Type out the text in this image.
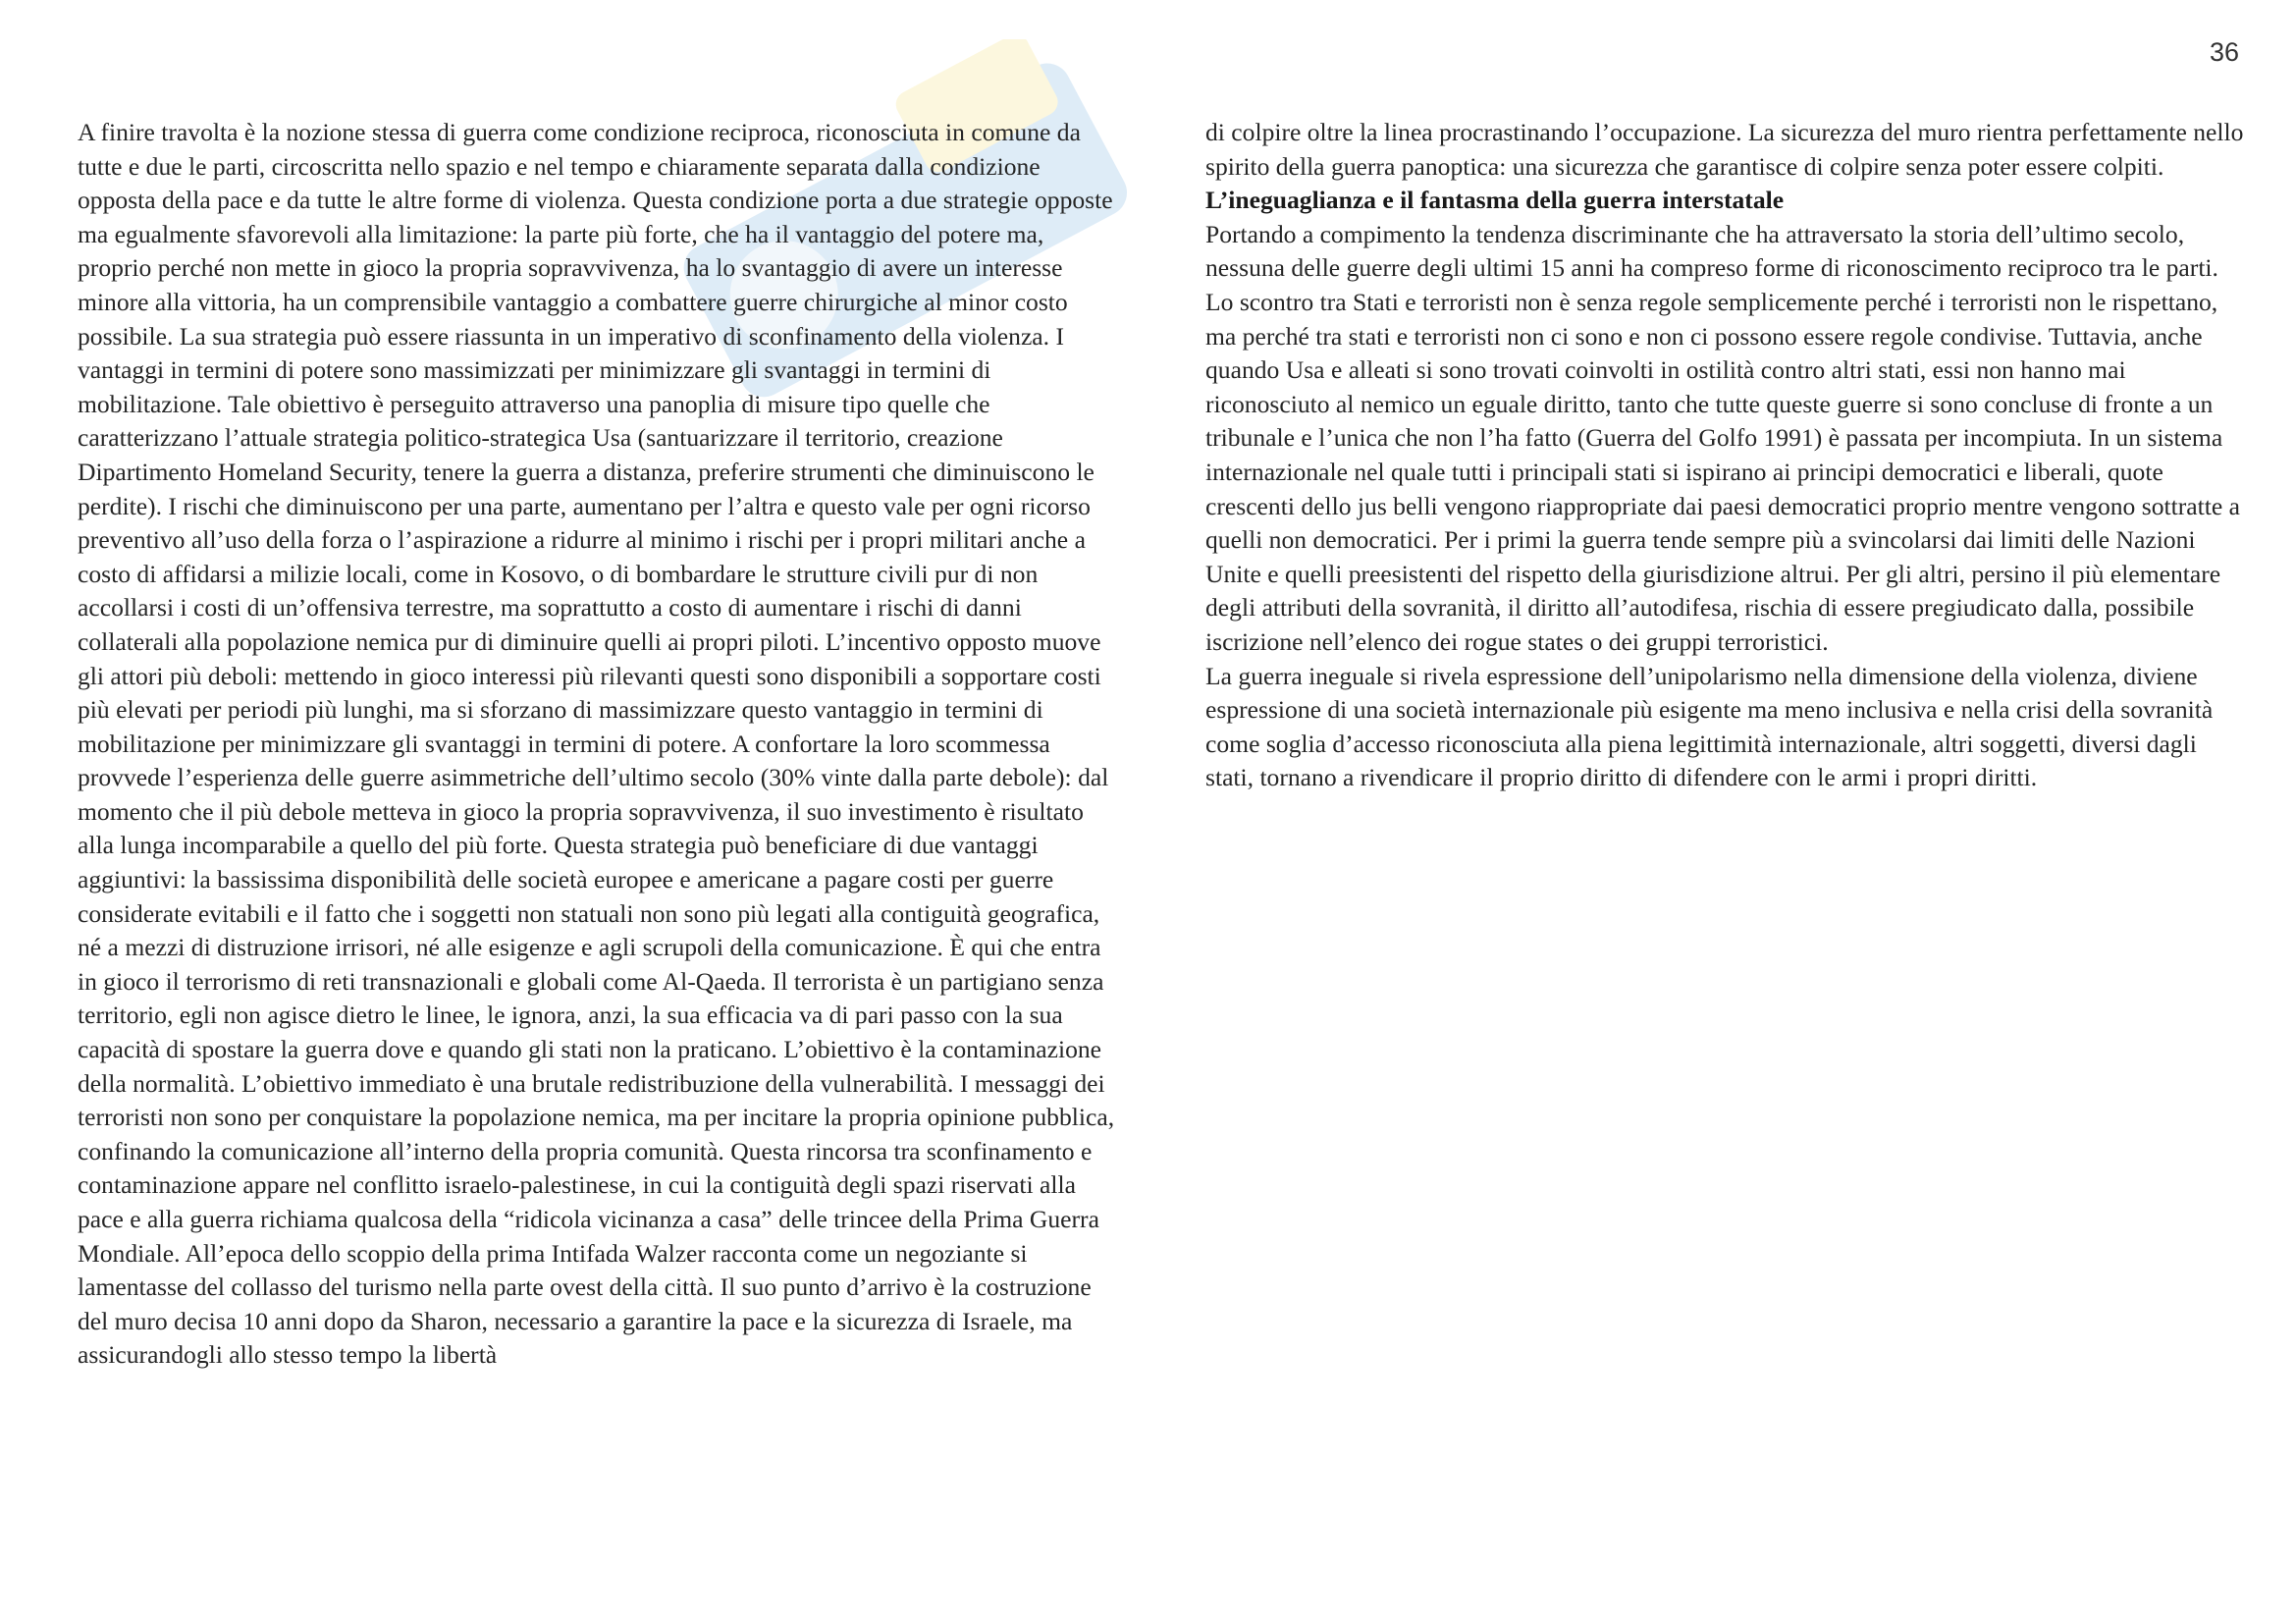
36

A finire travolta è la nozione stessa di guerra come condizione reciproca, riconosciuta in comune da tutte e due le parti, circoscritta nello spazio e nel tempo e chiaramente separata dalla condizione opposta della pace e da tutte le altre forme di violenza. Questa condizione porta a due strategie opposte ma egualmente sfavorevoli alla limitazione: la parte più forte, che ha il vantaggio del potere ma, proprio perché non mette in gioco la propria sopravvivenza, ha lo svantaggio di avere un interesse minore alla vittoria, ha un comprensibile vantaggio a combattere guerre chirurgiche al minor costo possibile. La sua strategia può essere riassunta in un imperativo di sconfinamento della violenza. I vantaggi in termini di potere sono massimizzati per minimizzare gli svantaggi in termini di mobilitazione. Tale obiettivo è perseguito attraverso una panoplia di misure tipo quelle che caratterizzano l’attuale strategia politico-strategica Usa (santuarizzare il territorio, creazione Dipartimento Homeland Security, tenere la guerra a distanza, preferire strumenti che diminuiscono le perdite). I rischi che diminuiscono per una parte, aumentano per l’altra e questo vale per ogni ricorso preventivo all’uso della forza o l’aspirazione a ridurre al minimo i rischi per i propri militari anche a costo di affidarsi a milizie locali, come in Kosovo, o di bombardare le strutture civili pur di non accollarsi i costi di un’offensiva terrestre, ma soprattutto a costo di aumentare i rischi di danni collaterali alla popolazione nemica pur di diminuire quelli ai propri piloti. L’incentivo opposto muove gli attori più deboli: mettendo in gioco interessi più rilevanti questi sono disponibili a sopportare costi più elevati per periodi più lunghi, ma si sforzano di massimizzare questo vantaggio in termini di mobilitazione per minimizzare gli svantaggi in termini di potere. A confortare la loro scommessa provvede l’esperienza delle guerre asimmetriche dell’ultimo secolo (30% vinte dalla parte debole): dal momento che il più debole metteva in gioco la propria sopravvivenza, il suo investimento è risultato alla lunga incomparabile a quello del più forte. Questa strategia può beneficiare di due vantaggi aggiuntivi: la bassissima disponibilità delle società europee e americane a pagare costi per guerre considerate evitabili e il fatto che i soggetti non statuali non sono più legati alla contiguità geografica, né a mezzi di distruzione irrisori, né alle esigenze e agli scrupoli della comunicazione. È qui che entra in gioco il terrorismo di reti transnazionali e globali come Al-Qaeda. Il terrorista è un partigiano senza territorio, egli non agisce dietro le linee, le ignora, anzi, la sua efficacia va di pari passo con la sua capacità di spostare la guerra dove e quando gli stati non la praticano. L’obiettivo è la contaminazione della normalità. L’obiettivo immediato è una brutale redistribuzione della vulnerabilità. I messaggi dei terroristi non sono per conquistare la popolazione nemica, ma per incitare la propria opinione pubblica, confinando la comunicazione all’interno della propria comunità. Questa rincorsa tra sconfinamento e contaminazione appare nel conflitto israelo-palestinese, in cui la contiguità degli spazi riservati alla pace e alla guerra richiama qualcosa della “ridicola vicinanza a casa” delle trincee della Prima Guerra Mondiale. All’epoca dello scoppio della prima Intifada Walzer racconta come un negoziante si lamentasse del collasso del turismo nella parte ovest della città. Il suo punto d’arrivo è la costruzione del muro decisa 10 anni dopo da Sharon, necessario a garantire la pace e la sicurezza di Israele, ma assicurandogli allo stesso tempo la libertà

di colpire oltre la linea procrastinando l’occupazione. La sicurezza del muro rientra perfettamente nello spirito della guerra panoptica: una sicurezza che garantisce di colpire senza poter essere colpiti.

L’ineguaglianza e il fantasma della guerra interstatale

Portando a compimento la tendenza discriminante che ha attraversato la storia dell’ultimo secolo, nessuna delle guerre degli ultimi 15 anni ha compreso forme di riconoscimento reciproco tra le parti. Lo scontro tra Stati e terroristi non è senza regole semplicemente perché i terroristi non le rispettano, ma perché tra stati e terroristi non ci sono e non ci possono essere regole condivise. Tuttavia, anche quando Usa e alleati si sono trovati coinvolti in ostilità contro altri stati, essi non hanno mai riconosciuto al nemico un eguale diritto, tanto che tutte queste guerre si sono concluse di fronte a un tribunale e l’unica che non l’ha fatto (Guerra del Golfo 1991) è passata per incompiuta. In un sistema internazionale nel quale tutti i principali stati si ispirano ai principi democratici e liberali, quote crescenti dello jus belli vengono riappropriate dai paesi democratici proprio mentre vengono sottratte a quelli non democratici. Per i primi la guerra tende sempre più a svincolarsi dai limiti delle Nazioni Unite e quelli preesistenti del rispetto della giurisdizione altrui. Per gli altri, persino il più elementare degli attributi della sovranità, il diritto all’autodifesa, rischia di essere pregiudicato dalla, possibile iscrizione nell’elenco dei rogue states o dei gruppi terroristici.

La guerra ineguale si rivela espressione dell’unipolarismo nella dimensione della violenza, diviene espressione di una società internazionale più esigente ma meno inclusiva e nella crisi della sovranità come soglia d’accesso riconosciuta alla piena legittimità internazionale, altri soggetti, diversi dagli stati, tornano a rivendicare il proprio diritto di difendere con le armi i propri diritti.
